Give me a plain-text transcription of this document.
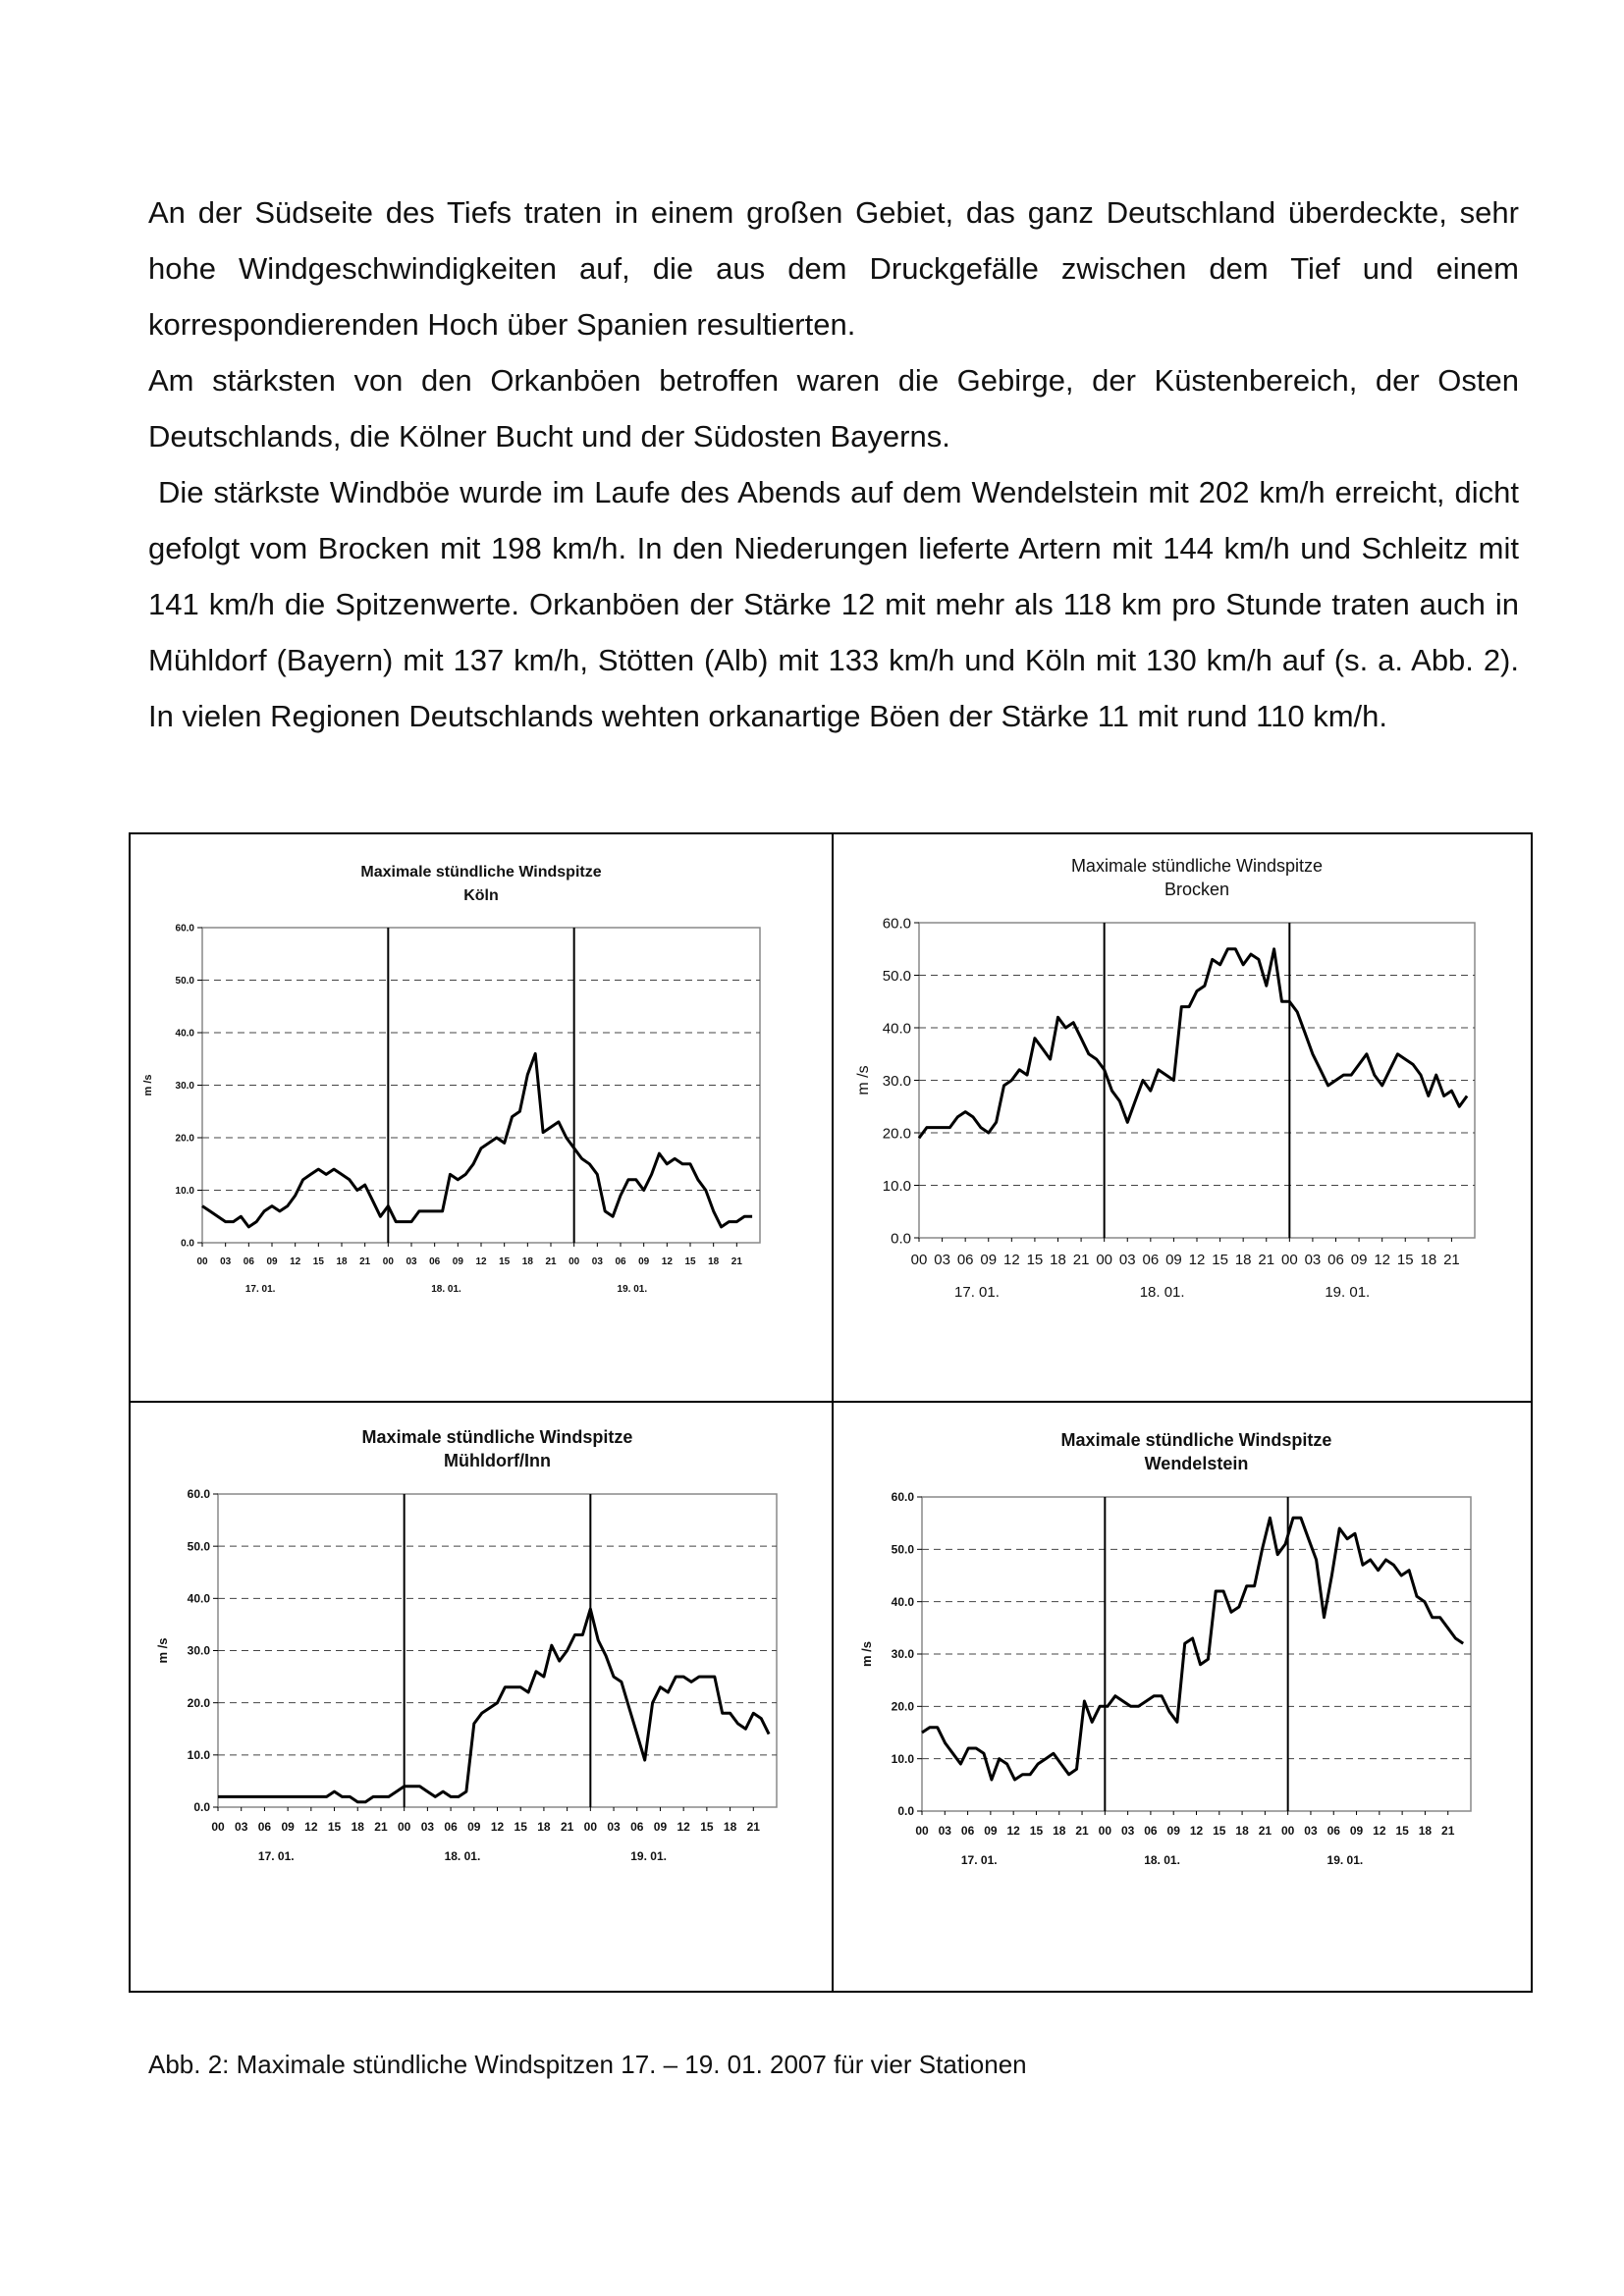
An der Südseite des Tiefs traten in einem großen Gebiet, das ganz Deutschland überdeckte, sehr hohe Windgeschwindigkeiten auf, die aus dem Druckgefälle zwischen dem Tief und einem korrespondierenden Hoch über Spanien resultierten.

Am stärksten von den Orkanböen betroffen waren die Gebirge, der Küstenbereich, der Osten Deutschlands, die Kölner Bucht und der Südosten Bayerns.

Die stärkste Windböe wurde im Laufe des Abends auf dem Wendelstein mit 202 km/h erreicht, dicht gefolgt vom Brocken mit 198 km/h. In den Niederungen lieferte Artern mit 144 km/h und Schleitz mit 141 km/h die Spitzenwerte. Orkanböen der Stärke 12 mit mehr als 118 km pro Stunde traten auch in Mühldorf (Bayern) mit 137 km/h, Stötten (Alb) mit 133 km/h und Köln mit 130 km/h auf (s. a. Abb. 2). In vielen Regionen Deutschlands wehten orkanartige Böen der Stärke 11 mit rund 110 km/h.

Maximale stündliche Windspitze
Köln
0.0
10.0
20.0
30.0
40.0
50.0
60.0
m /s
00 03 06 09 12 15 18 21 00 03 06 09 12 15 18 21 00 03 06 09 12 15 18 21
17. 01.	18. 01.	19. 01.
Maximale stündliche Windspitze
Brocken
0.0
10.0
20.0
30.0
40.0
50.0
60.0
m /s
00 03 06 09 12 15 18 21 00 03 06 09 12 15 18 21 00 03 06 09 12 15 18 21
17. 01.	18. 01.	19. 01.
Maximale stündliche Windspitze
Mühldorf/Inn
0.0
10.0
20.0
30.0
40.0
50.0
60.0
m /s
00 03 06 09 12 15 18 21 00 03 06 09 12 15 18 21 00 03 06 09 12 15 18 21
17. 01.	18. 01.	19. 01.
Maximale stündliche Windspitze
Wendelstein
0.0
10.0
20.0
30.0
40.0
50.0
60.0
m /s
00 03 06 09 12 15 18 21 00 03 06 09 12 15 18 21 00 03 06 09 12 15 18 21
17. 01.	18. 01.	19. 01.
Abb. 2: Maximale stündliche Windspitzen 17. – 19. 01. 2007 für vier Stationen
